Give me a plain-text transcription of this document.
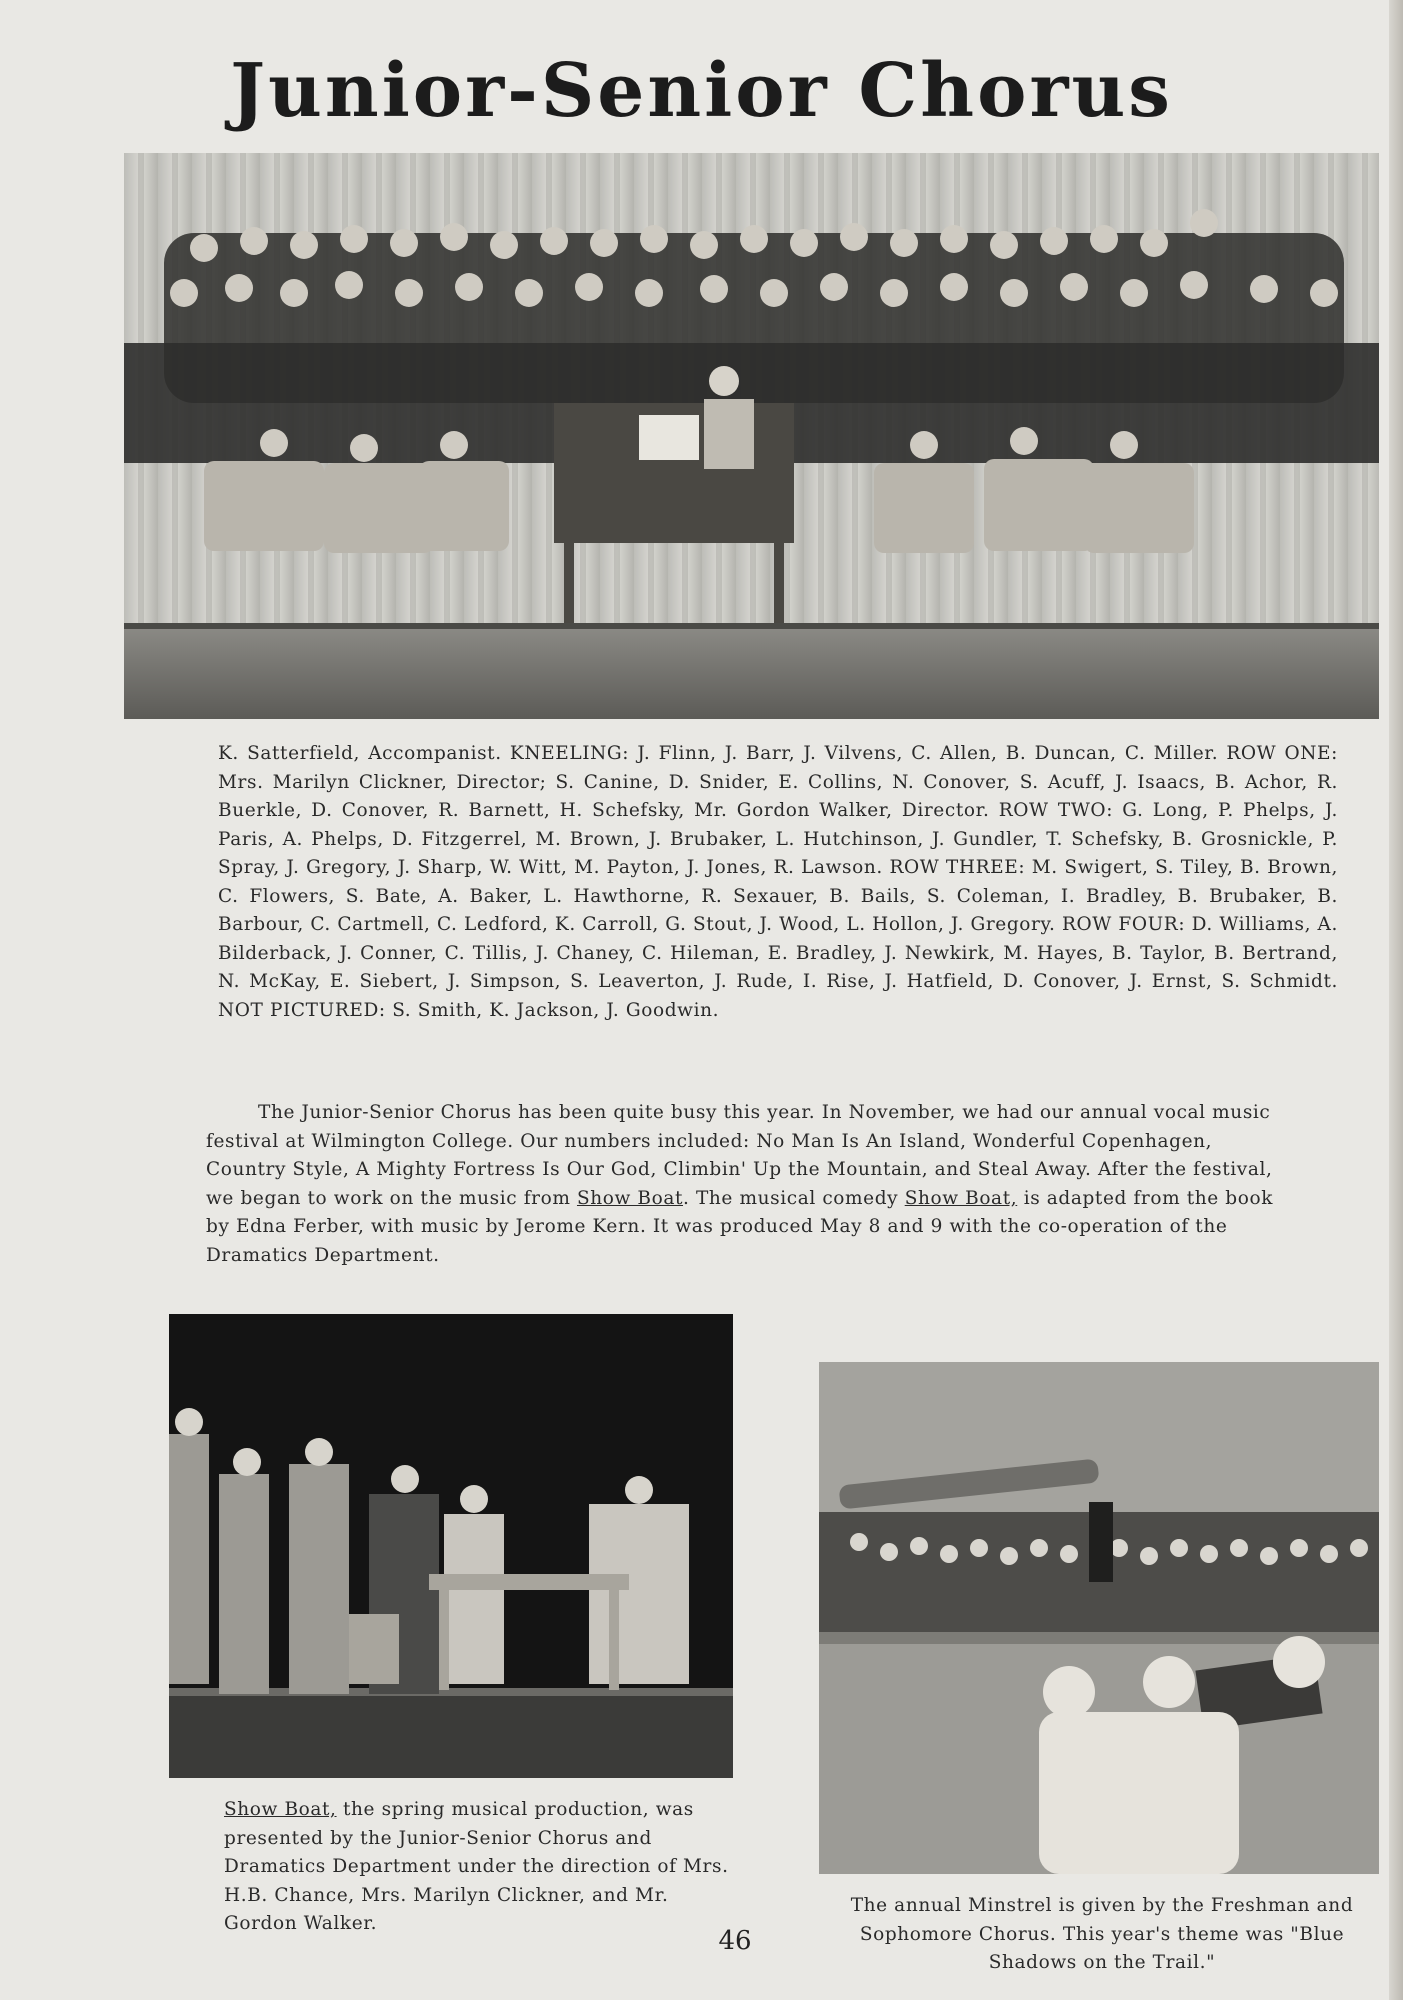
Junior-Senior Chorus

K. Satterfield, Accompanist. KNEELING: J. Flinn, J. Barr, J. Vilvens, C. Allen, B. Duncan, C. Miller. ROW ONE: Mrs. Marilyn Clickner, Director; S. Canine, D. Snider, E. Collins, N. Conover, S. Acuff, J. Isaacs, B. Achor, R. Buerkle, D. Conover, R. Barnett, H. Schefsky, Mr. Gordon Walker, Director. ROW TWO: G. Long, P. Phelps, J. Paris, A. Phelps, D. Fitzgerrel, M. Brown, J. Brubaker, L. Hutchinson, J. Gundler, T. Schefsky, B. Grosnickle, P. Spray, J. Gregory, J. Sharp, W. Witt, M. Payton, J. Jones, R. Lawson. ROW THREE: M. Swigert, S. Tiley, B. Brown, C. Flowers, S. Bate, A. Baker, L. Hawthorne, R. Sexauer, B. Bails, S. Coleman, I. Bradley, B. Brubaker, B. Barbour, C. Cartmell, C. Ledford, K. Carroll, G. Stout, J. Wood, L. Hollon, J. Gregory. ROW FOUR: D. Williams, A. Bilderback, J. Conner, C. Tillis, J. Chaney, C. Hileman, E. Bradley, J. Newkirk, M. Hayes, B. Taylor, B. Bertrand, N. McKay, E. Siebert, J. Simpson, S. Leaverton, J. Rude, I. Rise, J. Hatfield, D. Conover, J. Ernst, S. Schmidt. NOT PICTURED: S. Smith, K. Jackson, J. Goodwin.

The Junior-Senior Chorus has been quite busy this year. In November, we had our annual vocal music festival at Wilmington College. Our numbers included: No Man Is An Island, Wonderful Copenhagen, Country Style, A Mighty Fortress Is Our God, Climbin' Up the Mountain, and Steal Away. After the festival, we began to work on the music from Show Boat. The musical comedy Show Boat, is adapted from the book by Edna Ferber, with music by Jerome Kern. It was produced May 8 and 9 with the co-operation of the Dramatics Department.

Show Boat, the spring musical production, was presented by the Junior-Senior Chorus and Dramatics Department under the direction of Mrs. H.B. Chance, Mrs. Marilyn Clickner, and Mr. Gordon Walker.

The annual Minstrel is given by the Freshman and Sophomore Chorus. This year's theme was "Blue Shadows on the Trail."

46
